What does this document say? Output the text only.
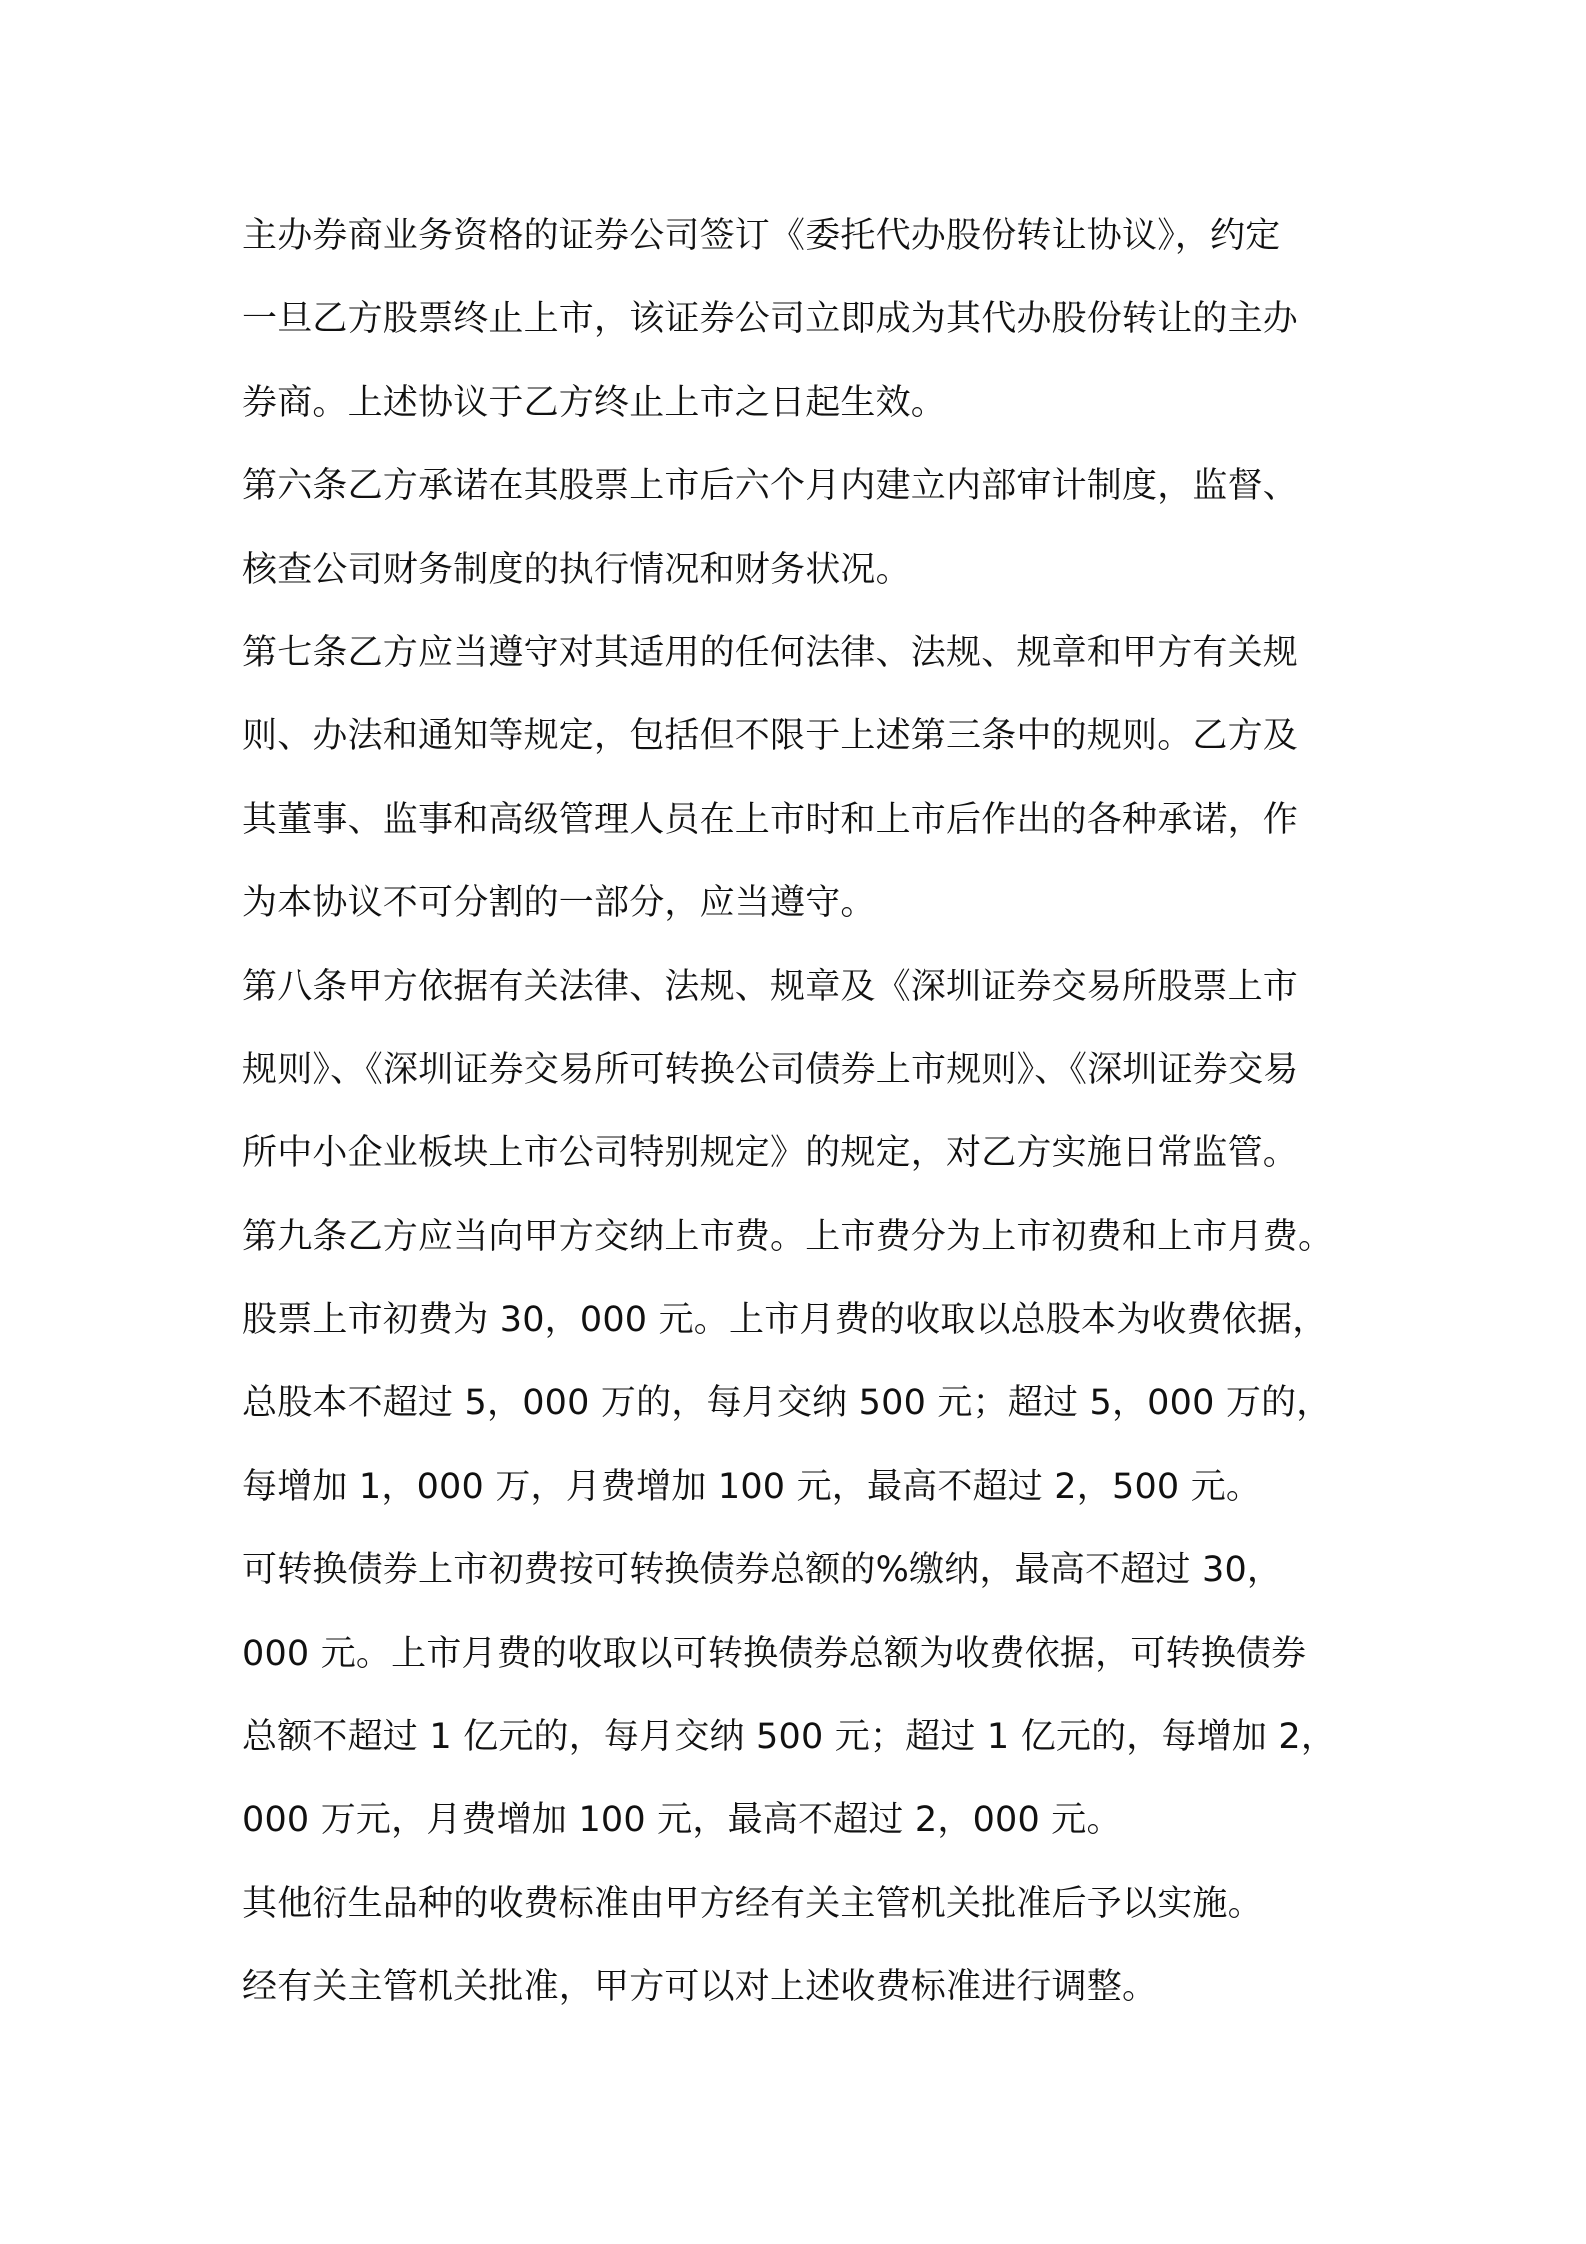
主办券商业务资格的证券公司签订《委托代办股份转让协议》，约定
一旦乙方股票终止上市，该证券公司立即成为其代办股份转让的主办
券商。上述协议于乙方终止上市之日起生效。
第六条乙方承诺在其股票上市后六个月内建立内部审计制度，监督、
核查公司财务制度的执行情况和财务状况。
第七条乙方应当遵守对其适用的任何法律、法规、规章和甲方有关规
则、办法和通知等规定，包括但不限于上述第三条中的规则。乙方及
其董事、监事和高级管理人员在上市时和上市后作出的各种承诺，作
为本协议不可分割的一部分，应当遵守。
第八条甲方依据有关法律、法规、规章及《深圳证券交易所股票上市
规则》、《深圳证券交易所可转换公司债券上市规则》、《深圳证券交易
所中小企业板块上市公司特别规定》的规定，对乙方实施日常监管。
第九条乙方应当向甲方交纳上市费。上市费分为上市初费和上市月费。
股票上市初费为 30，000 元。上市月费的收取以总股本为收费依据，
总股本不超过 5，000 万的，每月交纳 500 元；超过 5，000 万的，
每增加 1，000 万，月费增加 100 元，最高不超过 2，500 元。
可转换债券上市初费按可转换债券总额的%缴纳，最高不超过 30，
000 元。上市月费的收取以可转换债券总额为收费依据，可转换债券
总额不超过 1 亿元的，每月交纳 500 元；超过 1 亿元的，每增加 2，
000 万元，月费增加 100 元，最高不超过 2，000 元。
其他衍生品种的收费标准由甲方经有关主管机关批准后予以实施。
经有关主管机关批准，甲方可以对上述收费标准进行调整。
